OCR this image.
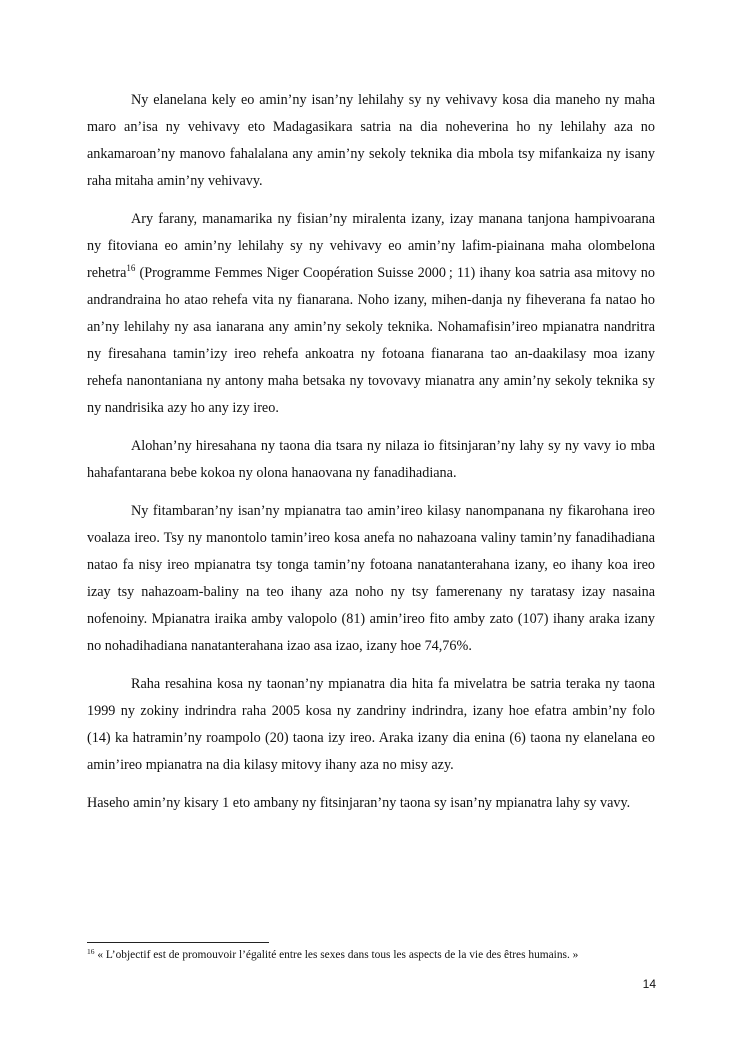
Ny elanelana kely eo amin’ny isan’ny lehilahy sy ny vehivavy kosa dia maneho ny maha maro an’isa ny vehivavy eto Madagasikara satria na dia noheverina ho ny lehilahy aza no ankamaroan’ny manovo fahalalana any amin’ny sekoly teknika dia mbola tsy mifankaiza ny isany raha mitaha amin’ny vehivavy.

Ary farany, manamarika ny fisian’ny miralenta izany, izay manana tanjona hampivoarana ny fitoviana eo amin’ny lehilahy sy ny vehivavy eo amin’ny lafim-piainana maha olombelona rehetra$^{16}$ (Programme Femmes Niger Coopération Suisse 2000 ; 11) ihany koa satria asa mitovy no andrandraina ho atao rehefa vita ny fianarana. Noho izany, mihen-danja ny fiheverana fa natao ho an’ny lehilahy ny asa ianarana any amin’ny sekoly teknika. Nohamafisin’ireo mpianatra nandritra ny firesahana tamin’izy ireo rehefa ankoatra ny fotoana fianarana tao an-daakilasy moa izany rehefa nanontaniana ny antony maha betsaka ny tovovavy mianatra any amin’ny sekoly teknika sy ny nandrisika azy ho any izy ireo.

Alohan’ny hiresahana ny taona dia tsara ny nilaza io fitsinjaran’ny lahy sy ny vavy io mba hahafantarana bebe kokoa ny olona hanaovana ny fanadihadiana.

Ny fitambaran’ny isan’ny mpianatra tao amin’ireo kilasy nanompanana ny fikarohana ireo voalaza ireo. Tsy ny manontolo tamin’ireo kosa anefa no nahazoana valiny tamin’ny fanadihadiana natao fa nisy ireo mpianatra tsy tonga tamin’ny fotoana nanatanterahana izany, eo ihany koa ireo izay tsy nahazoam-baliny na teo ihany aza noho ny tsy famerenany ny taratasy izay nasaina nofenoiny. Mpianatra iraika amby valopolo (81) amin’ireo fito amby zato (107) ihany araka izany no nohadihadiana nanatanterahana izao asa izao, izany hoe 74,76%.

Raha resahina kosa ny taonan’ny mpianatra dia hita fa mivelatra be satria teraka ny taona 1999 ny zokiny indrindra raha 2005 kosa ny zandriny indrindra, izany hoe efatra ambin’ny folo (14) ka hatramin’ny roampolo (20) taona izy ireo. Araka izany dia enina (6) taona ny elanelana eo amin’ireo mpianatra na dia kilasy mitovy ihany aza no misy azy.

Haseho amin’ny kisary 1 eto ambany ny fitsinjaran’ny taona sy isan’ny mpianatra lahy sy vavy.

$^{16}$ « L’objectif est de promouvoir l’égalité entre les sexes dans tous les aspects de la vie des êtres humains. »
14
